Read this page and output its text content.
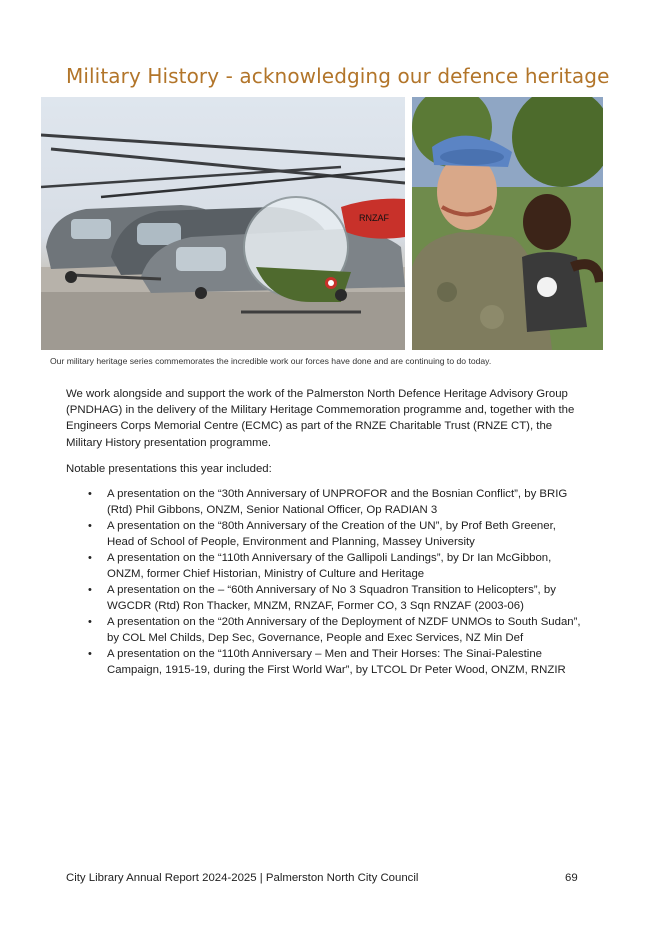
Military History - acknowledging our defence heritage
RNZAF
Our military heritage series commemorates the incredible work our forces have done and are continuing to do today.

We work alongside and support the work of the Palmerston North Defence Heritage Advisory Group (PNDHAG) in the delivery of the Military Heritage Commemoration programme and, together with the Engineers Corps Memorial Centre (ECMC) as part of the RNZE Charitable Trust (RNZE CT), the Military History presentation programme.

Notable presentations this year included:

• A presentation on the “30th Anniversary of UNPROFOR and the Bosnian Conflict”, by BRIG (Rtd) Phil Gibbons, ONZM, Senior National Officer, Op RADIAN 3
• A presentation on the “80th Anniversary of the Creation of the UN”, by Prof Beth Greener, Head of School of People, Environment and Planning, Massey University
• A presentation on the “110th Anniversary of the Gallipoli Landings”, by Dr Ian McGibbon, ONZM, former Chief Historian, Ministry of Culture and Heritage
• A presentation on the – “60th Anniversary of No 3 Squadron Transition to Helicopters”, by WGCDR (Rtd) Ron Thacker, MNZM, RNZAF, Former CO, 3 Sqn RNZAF (2003-06)
• A presentation on the “20th Anniversary of the Deployment of NZDF UNMOs to South Sudan”, by COL Mel Childs, Dep Sec, Governance, People and Exec Services, NZ Min Def
• A presentation on the “110th Anniversary – Men and Their Horses: The Sinai-Palestine Campaign, 1915-19, during the First World War”, by LTCOL Dr Peter Wood, ONZM, RNZIR
City Library Annual Report 2024-2025 | Palmerston North City Council	69
